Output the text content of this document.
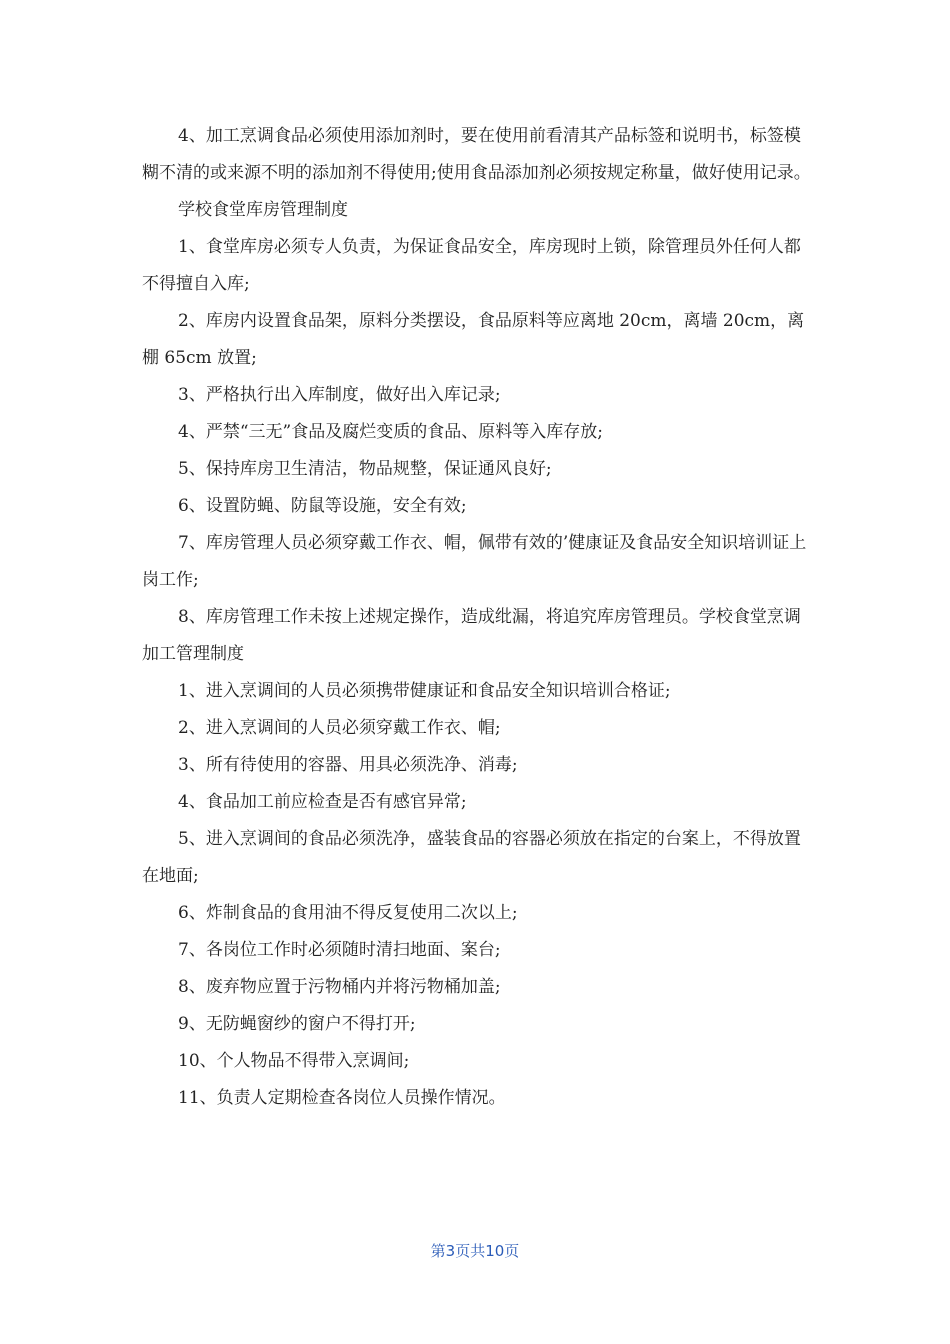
4、加工烹调食品必须使用添加剂时，要在使用前看清其产品标签和说明书，标签模糊不清的或来源不明的添加剂不得使用;使用食品添加剂必须按规定称量，做好使用记录。

学校食堂库房管理制度

1、食堂库房必须专人负责，为保证食品安全，库房现时上锁，除管理员外任何人都不得擅自入库;

2、库房内设置食品架，原料分类摆设，食品原料等应离地 20cm，离墙 20cm，离棚 65cm 放置;

3、严格执行出入库制度，做好出入库记录;

4、严禁“三无”食品及腐烂变质的食品、原料等入库存放;

5、保持库房卫生清洁，物品规整，保证通风良好;

6、设置防蝇、防鼠等设施，安全有效;

7、库房管理人员必须穿戴工作衣、帽，佩带有效的’健康证及食品安全知识培训证上岗工作;

8、库房管理工作未按上述规定操作，造成纰漏，将追究库房管理员。学校食堂烹调加工管理制度

1、进入烹调间的人员必须携带健康证和食品安全知识培训合格证;

2、进入烹调间的人员必须穿戴工作衣、帽;

3、所有待使用的容器、用具必须洗净、消毒;

4、食品加工前应检查是否有感官异常;

5、进入烹调间的食品必须洗净，盛装食品的容器必须放在指定的台案上，不得放置在地面;

6、炸制食品的食用油不得反复使用二次以上;

7、各岗位工作时必须随时清扫地面、案台;

8、废弃物应置于污物桶内并将污物桶加盖;

9、无防蝇窗纱的窗户不得打开;

10、个人物品不得带入烹调间;

11、负责人定期检查各岗位人员操作情况。

第3页共10页
